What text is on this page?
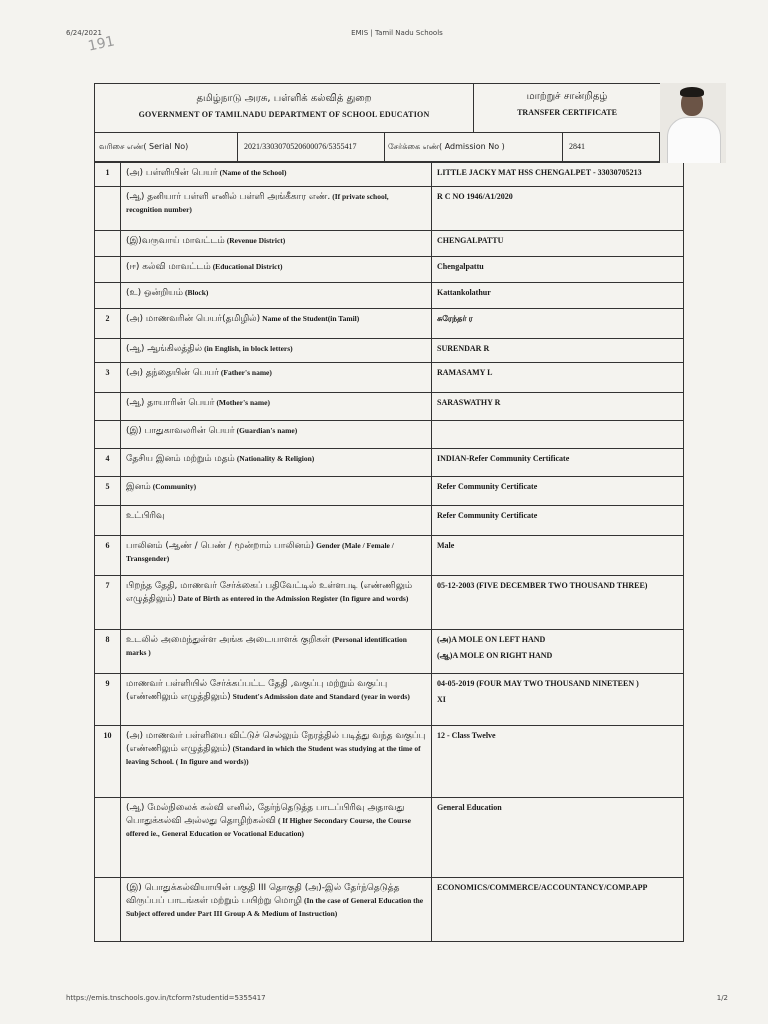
6/24/2021	EMIS | Tamil Nadu Schools
191
தமிழ்நாடு அரசு, பள்ளிக் கல்வித் துறை
GOVERNMENT OF TAMILNADU DEPARTMENT OF SCHOOL EDUCATION
மாற்றுச் சான்றிதழ்
TRANSFER CERTIFICATE
வரிசை எண்( Serial No)	2021/3303070520600076/5355417	சேர்க்கை எண்( Admission No )	2841
1	(அ) பள்ளியின் பெயர் (Name of the School)	LITTLE JACKY MAT HSS CHENGALPET - 33030705213

	(ஆ) தனியார் பள்ளி எனில் பள்ளி அங்கீகார எண். (If private school, recognition number)	R C NO 1946/A1/2020

	(இ)வருவாய் மாவட்டம் (Revenue District)	CHENGALPATTU

	(ஈ) கல்வி மாவட்டம் (Educational District)	Chengalpattu

	(உ) ஒன்றியம் (Block)	Kattankolathur

2	(அ) மாணவரின் பெயர்(தமிழில்) Name of the Student(in Tamil)	சுரேந்தர் ர

	(ஆ) ஆங்கிலத்தில் (in English, in block letters)	SURENDAR R

3	(அ) தந்தையின் பெயர் (Father's name)	RAMASAMY L

	(ஆ) தாயாரின் பெயர் (Mother's name)	SARASWATHY R

	(இ) பாதுகாவலரின் பெயர் (Guardian's name)	

4	தேசிய இனம் மற்றும் மதம் (Nationality & Religion)	INDIAN-Refer Community Certificate

5	இனம் (Community)	Refer Community Certificate

	உட்பிரிவு	Refer Community Certificate

6	பாலினம் (ஆண் / பெண் / மூன்றாம் பாலினம்) Gender (Male / Female / Transgender)	Male

7	பிறந்த தேதி, மாணவர் சேர்க்கைப் பதிவேட்டில் உள்ளபடி (எண்ணிலும் எழுத்திலும்) Date of Birth as entered in the Admission Register (In figure and words)	05-12-2003 (FIVE DECEMBER TWO THOUSAND THREE)

8	உடலில் அமைந்துள்ள அங்க அடையாளக் குறிகள் (Personal identification marks )	(அ)A MOLE ON LEFT HAND
(ஆ)A MOLE ON RIGHT HAND

9	மாணவர் பள்ளியில் சேர்க்கப்பட்ட தேதி ,வகுப்பு மற்றும் வகுப்பு (எண்ணிலும் எழுத்திலும்) Student's Admission date and Standard (year in words)	04-05-2019 (FOUR MAY TWO THOUSAND NINETEEN )
XI

10	(அ) மாணவர் பள்ளியை விட்டுச் செல்லும் நேரத்தில் படித்து வந்த வகுப்பு (எண்ணிலும் எழுத்திலும்) (Standard in which the Student was studying at the time of leaving School. ( In figure and words))	12 - Class Twelve

	(ஆ) மேல்நிலைக் கல்வி எனில், தேர்ந்தெடுத்த பாடப்பிரிவு அதாவது பொதுக்கல்வி அல்லது தொழிற்கல்வி ( If Higher Secondary Course, the Course offered ie., General Education or Vocational Education)	General Education

	(இ) பொதுக்கல்வியாயின் பகுதி III தொகுதி (அ)-இல் தேர்ந்தெடுத்த விருப்பப் பாடங்கள் மற்றும் பயிற்று மொழி (In the case of General Education the Subject offered under Part III Group A & Medium of Instruction)	ECONOMICS/COMMERCE/ACCOUNTANCY/COMP.APP
https://emis.tnschools.gov.in/tcform?studentid=5355417	1/2
